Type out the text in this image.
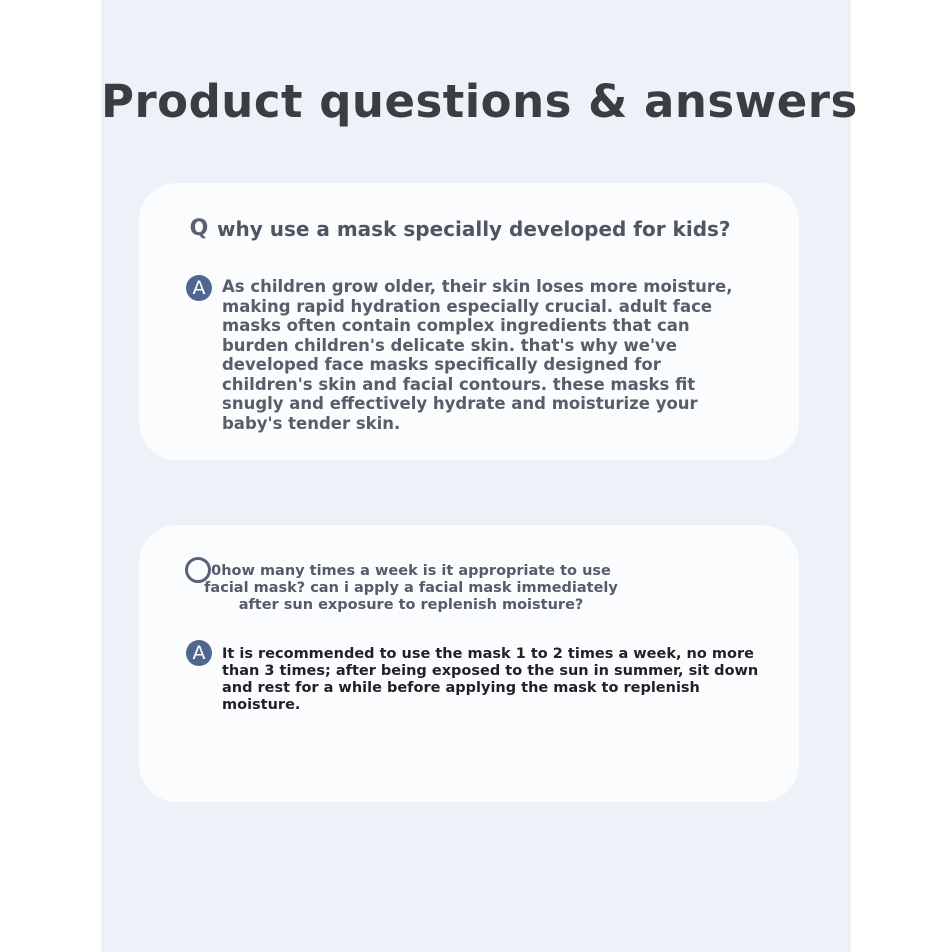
Product questions & answers
Q why use a mask specially developed for kids?
A	As children grow older, their skin loses more moisture, making rapid hydration especially crucial. adult face masks often contain complex ingredients that can burden children's delicate skin. that's why we've developed face masks specifically designed for children's skin and facial contours. these masks fit snugly and effectively hydrate and moisturize your baby's tender skin.
0how many times a week is it appropriate to use facial mask? can i apply a facial mask immediately after sun exposure to replenish moisture?
A	It is recommended to use the mask 1 to 2 times a week, no more than 3 times; after being exposed to the sun in summer, sit down and rest for a while before applying the mask to replenish moisture.
